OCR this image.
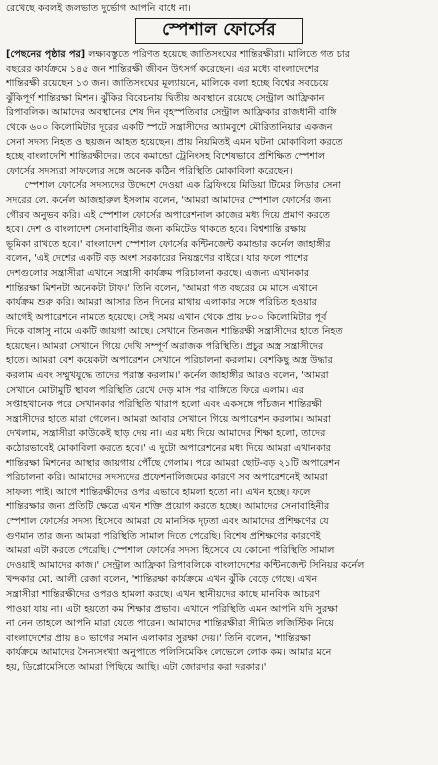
রেখেছে কবলই জলভাত দুর্ভোগ আপনি বাধে না।
স্পেশাল ফোর্সের
[পেছনের পৃষ্ঠার পর] লক্ষ্যবস্তুতে পরিণত হয়েছে জাতিসংঘের শান্তিরক্ষীরা। মালিতে গত চার
বছরের কার্যক্রমে ১৪৫ জন শান্তিরক্ষী জীবন উৎসর্গ করেছেন। এর মধ্যে বাংলাদেশের
শান্তিরক্ষী রয়েছেন ১৩ জন। জাতিসংঘের মূল্যায়নে, মালিকে বলা হচ্ছে বিশ্বের সবচেয়ে
ঝুঁকিপূর্ণ শান্তিরক্ষা মিশন। ঝুঁকির বিবেচনায় দ্বিতীয় অবস্থানে রয়েছে সেন্ট্রাল আফ্রিকান
রিপাবলিক। আমাদের অবস্থানের শেষ দিন বৃহস্পতিবার সেন্ট্রাল আফ্রিকার রাজধানী বাঙ্গি
থেকে ৬০০ কিলোমিটার দূরের একটি স্পটে সন্ত্রাসীদের অ্যামবুশে মৌরিতানিয়ার একজন
সেনা সদস্য নিহত ও ছয়জন আহত হয়েছেন। প্রায় নিয়মিতই এমন ঘটনা মোকাবিলা করতে
হচ্ছে বাংলাদেশি শান্তিরক্ষীদের। তবে কমান্ডো ট্রেনিংসহ বিশেষভাবে প্রশিক্ষিত স্পেশাল
ফোর্সের সদস্যরা সাফল্যের সঙ্গে অনেক কঠিন পরিস্থিতি মোকাবিলা করেছেন।
স্পেশাল ফোর্সের সদস্যদের উদ্দেশে দেওয়া এক ব্রিফিংয়ে মিডিয়া টিমের লিডার সেনা
সদরের লে. কর্নেল আজহারুল ইসলাম বলেন, 'আমরা আমাদের স্পেশাল ফোর্সের জন্য
গৌরব অনুভব করি। এই স্পেশাল ফোর্সের অপারেশনাল কাজের মধ্য দিয়ে প্রমাণ করতে
হবে। দেশ ও বাংলাদেশ সেনাবাহিনীর জন্য কমিটেড থাকতে হবে। বিশ্বশান্তি রক্ষায়
ভূমিকা রাখতে হবে।' বাংলাদেশ স্পেশাল ফোর্সের কন্টিনজেন্ট কমান্ডার কর্নেল জাহাঙ্গীর
বলেন, 'এই দেশের একটি বড় অংশ সরকারের নিয়ন্ত্রণের বাইরে। যার ফলে পাশের
দেশগুলোর সন্ত্রাসীরা এখানে সন্ত্রাসী কার্যক্রম পরিচালনা করছে। এজন্য এখানকার
শান্তিরক্ষা মিশনটা অনেকটা টাফ।' তিনি বলেন, 'আমরা গত বছরের মে মাসে এখানে
কার্যক্রম শুরু করি। আমরা আসার তিন দিনের মাথায় এলাকার সঙ্গে পরিচিত হওয়ার
আগেই অপারেশনে নামতে হয়েছে। সেই সময় এখান থেকে প্রায় ৮০০ কিলোমিটার পূর্ব
দিকে বাঙ্গাসু নামে একটি জায়গা আছে। সেখানে তিনজন শান্তিরক্ষী সন্ত্রাসীদের হাতে নিহত
হয়েছেন। আমরা সেখানে গিয়ে দেখি সম্পূর্ণ অরাজক পরিস্থিতি। প্রচুর অস্ত্র সন্ত্রাসীদের
হাতে। আমরা বেশ কয়েকটা অপারেশন সেখানে পরিচালনা করলাম। বেশকিছু অস্ত্র উদ্ধার
করলাম এবং সম্মুখযুদ্ধে তাদের পরাস্ত করলাম।' কর্নেল জাহাঙ্গীর আরও বলেন, 'আমরা
সেখানে মোটামুটি স্থাবল পরিস্থিতি রেখে দেড় মাস পর বাঙ্গিতে ফিরে এলাম। এর
সপ্তাহখানেক পরে সেখানকার পরিস্থিতি খারাপ হলো এবং একসঙ্গে পাঁচজন শান্তিরক্ষী
সন্ত্রাসীদের হাতে মারা গেলেন। আমরা আবার সেখানে গিয়ে অপারেশন করলাম। আমরা
দেখলাম, সন্ত্রাসীরা কাউকেই ছাড় দেয় না। এর মধ্য দিয়ে আমাদের শিক্ষা হলো, তাদের
কঠোরভাবেই মোকাবিলা করতে হবে।' এ দুটো অপারেশনের মধ্য দিয়ে আমরা এখানকার
শান্তিরক্ষা মিশনের আস্থার জায়গায় পৌঁছে গেলাম। পরে আমরা ছোট-বড় ২১টি অপারেশন
পরিচালনা করি। আমাদের সদস্যদের প্রফেশনালিজমের কারণে সব অপারেশনেই আমরা
সাফল্য পাই। আগে শান্তিরক্ষীদের ওপর এভাবে হামলা হতো না। এখন হচ্ছে। ফলে
শান্তিরক্ষার জন্য প্রতিটি ক্ষেত্রে এখন শক্তি প্রয়োগ করতে হচ্ছে। আমাদের সেনাবাহিনীর
স্পেশাল ফোর্সের সদস্য হিসেবে আমরা যে মানসিক দৃঢ়তা এবং আমাদের প্রশিক্ষণের যে
গুণমান তার জন্য আমরা পরিস্থিতি সামাল দিতে পেরেছি। বিশেষ প্রশিক্ষণের কারণেই
আমরা এটা করতে পেরেছি। স্পেশাল ফোর্সের সদস্য হিসেবে যে কোনো পরিস্থিতি সামাল
দেওয়াই আমাদের কাজ।' সেন্ট্রাল আফ্রিকা রিপাবলিকে বাংলাদেশের কন্টিনজেন্ট সিনিয়র কর্নেল
খন্দকার মো. আলী রেজা বলেন, 'শান্তিরক্ষা কার্যক্রমে এখন ঝুঁকি বেড়ে গেছে। এখন
সন্ত্রাসীরা শান্তিরক্ষীদের ওপরও হামলা করছে। এখন স্থানীয়দের কাছে মানবিক আচরণ
পাওয়া যায় না। এটা হয়তো কম শিক্ষার প্রভাব। এখানে পরিস্থিতি এমন আপনি যদি সুরক্ষা
না নেন তাহলে আপনি মারা যেতে পারেন। আমাদের শান্তিরক্ষীরা সীমিত লজিস্টিক নিয়ে
বাংলাদেশের প্রায় ৪০ ভাগের সমান এলাকার সুরক্ষা দেয়।' তিনি বলেন, 'শান্তিরক্ষা
কার্যক্রমে আমাদের সৈন্যসংখ্যা অনুপাতে পলিসিমেকিং লেভেলে লোক কম। আমার মনে
হয়, ডিপ্লোমেসিতে আমরা পিছিয়ে আছি। এটা জোরদার করা দরকার।'
